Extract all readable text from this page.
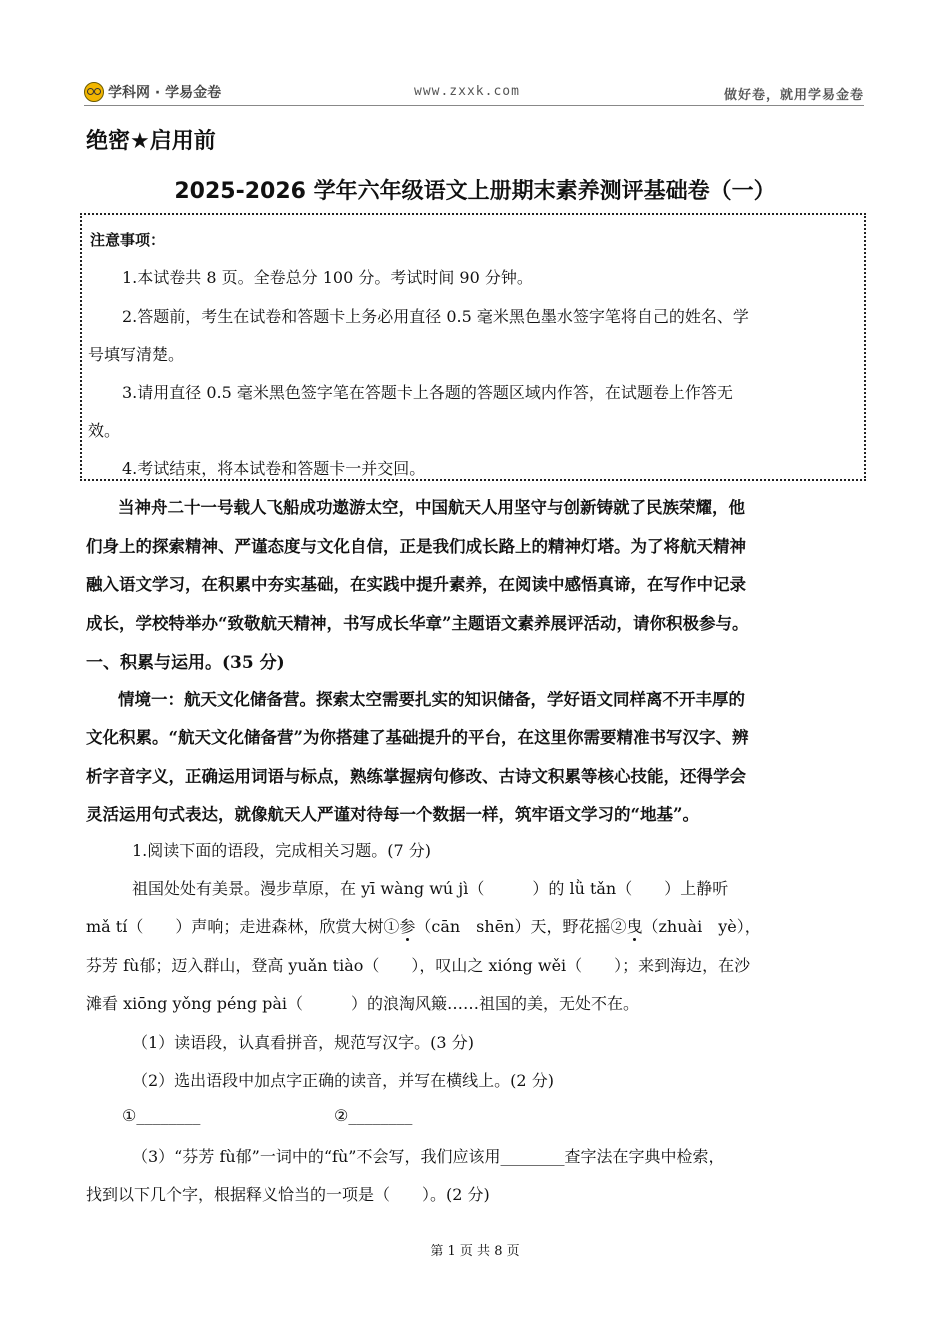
学科网 · 学易金卷	www.zxxk.com	做好卷，就用学易金卷
绝密★启用前
2025-2026 学年六年级语文上册期末素养测评基础卷（一）
注意事项：
1.本试卷共 8 页。全卷总分 100 分。考试时间 90 分钟。
2.答题前，考生在试卷和答题卡上务必用直径 0.5 毫米黑色墨水签字笔将自己的姓名、学
号填写清楚。
3.请用直径 0.5 毫米黑色签字笔在答题卡上各题的答题区域内作答，在试题卷上作答无
效。
4.考试结束，将本试卷和答题卡一并交回。
当神舟二十一号载人飞船成功遨游太空，中国航天人用坚守与创新铸就了民族荣耀，他
们身上的探索精神、严谨态度与文化自信，正是我们成长路上的精神灯塔。为了将航天精神
融入语文学习，在积累中夯实基础，在实践中提升素养，在阅读中感悟真谛，在写作中记录
成长，学校特举办“致敬航天精神，书写成长华章”主题语文素养展评活动，请你积极参与。
一、积累与运用。(35 分)
情境一：航天文化储备营。探索太空需要扎实的知识储备，学好语文同样离不开丰厚的
文化积累。“航天文化储备营”为你搭建了基础提升的平台，在这里你需要精准书写汉字、辨
析字音字义，正确运用词语与标点，熟练掌握病句修改、古诗文积累等核心技能，还得学会
灵活运用句式表达，就像航天人严谨对待每一个数据一样，筑牢语文学习的“地基”。
1.阅读下面的语段，完成相关习题。(7 分)
祖国处处有美景。漫步草原，在 yī wàng wú jì（　　　）的 lǜ tǎn（　　）上静听
mǎ tí（　　）声响；走进森林，欣赏大树①参（cān　shēn）天，野花摇②曳（zhuài　yè），
芬芳 fù郁；迈入群山，登高 yuǎn tiào（　　），叹山之 xióng wěi（　　）；来到海边，在沙
滩看 xiōng yǒng péng pài（　　　）的浪淘风簸……祖国的美，无处不在。
（1）读语段，认真看拼音，规范写汉字。(3 分)
（2）选出语段中加点字正确的读音，并写在横线上。(2 分)
①________	②________
（3）“芬芳 fù郁”一词中的“fù”不会写，我们应该用________查字法在字典中检索，
找到以下几个字，根据释义恰当的一项是（　　）。(2 分)
第 1 页 共 8 页
